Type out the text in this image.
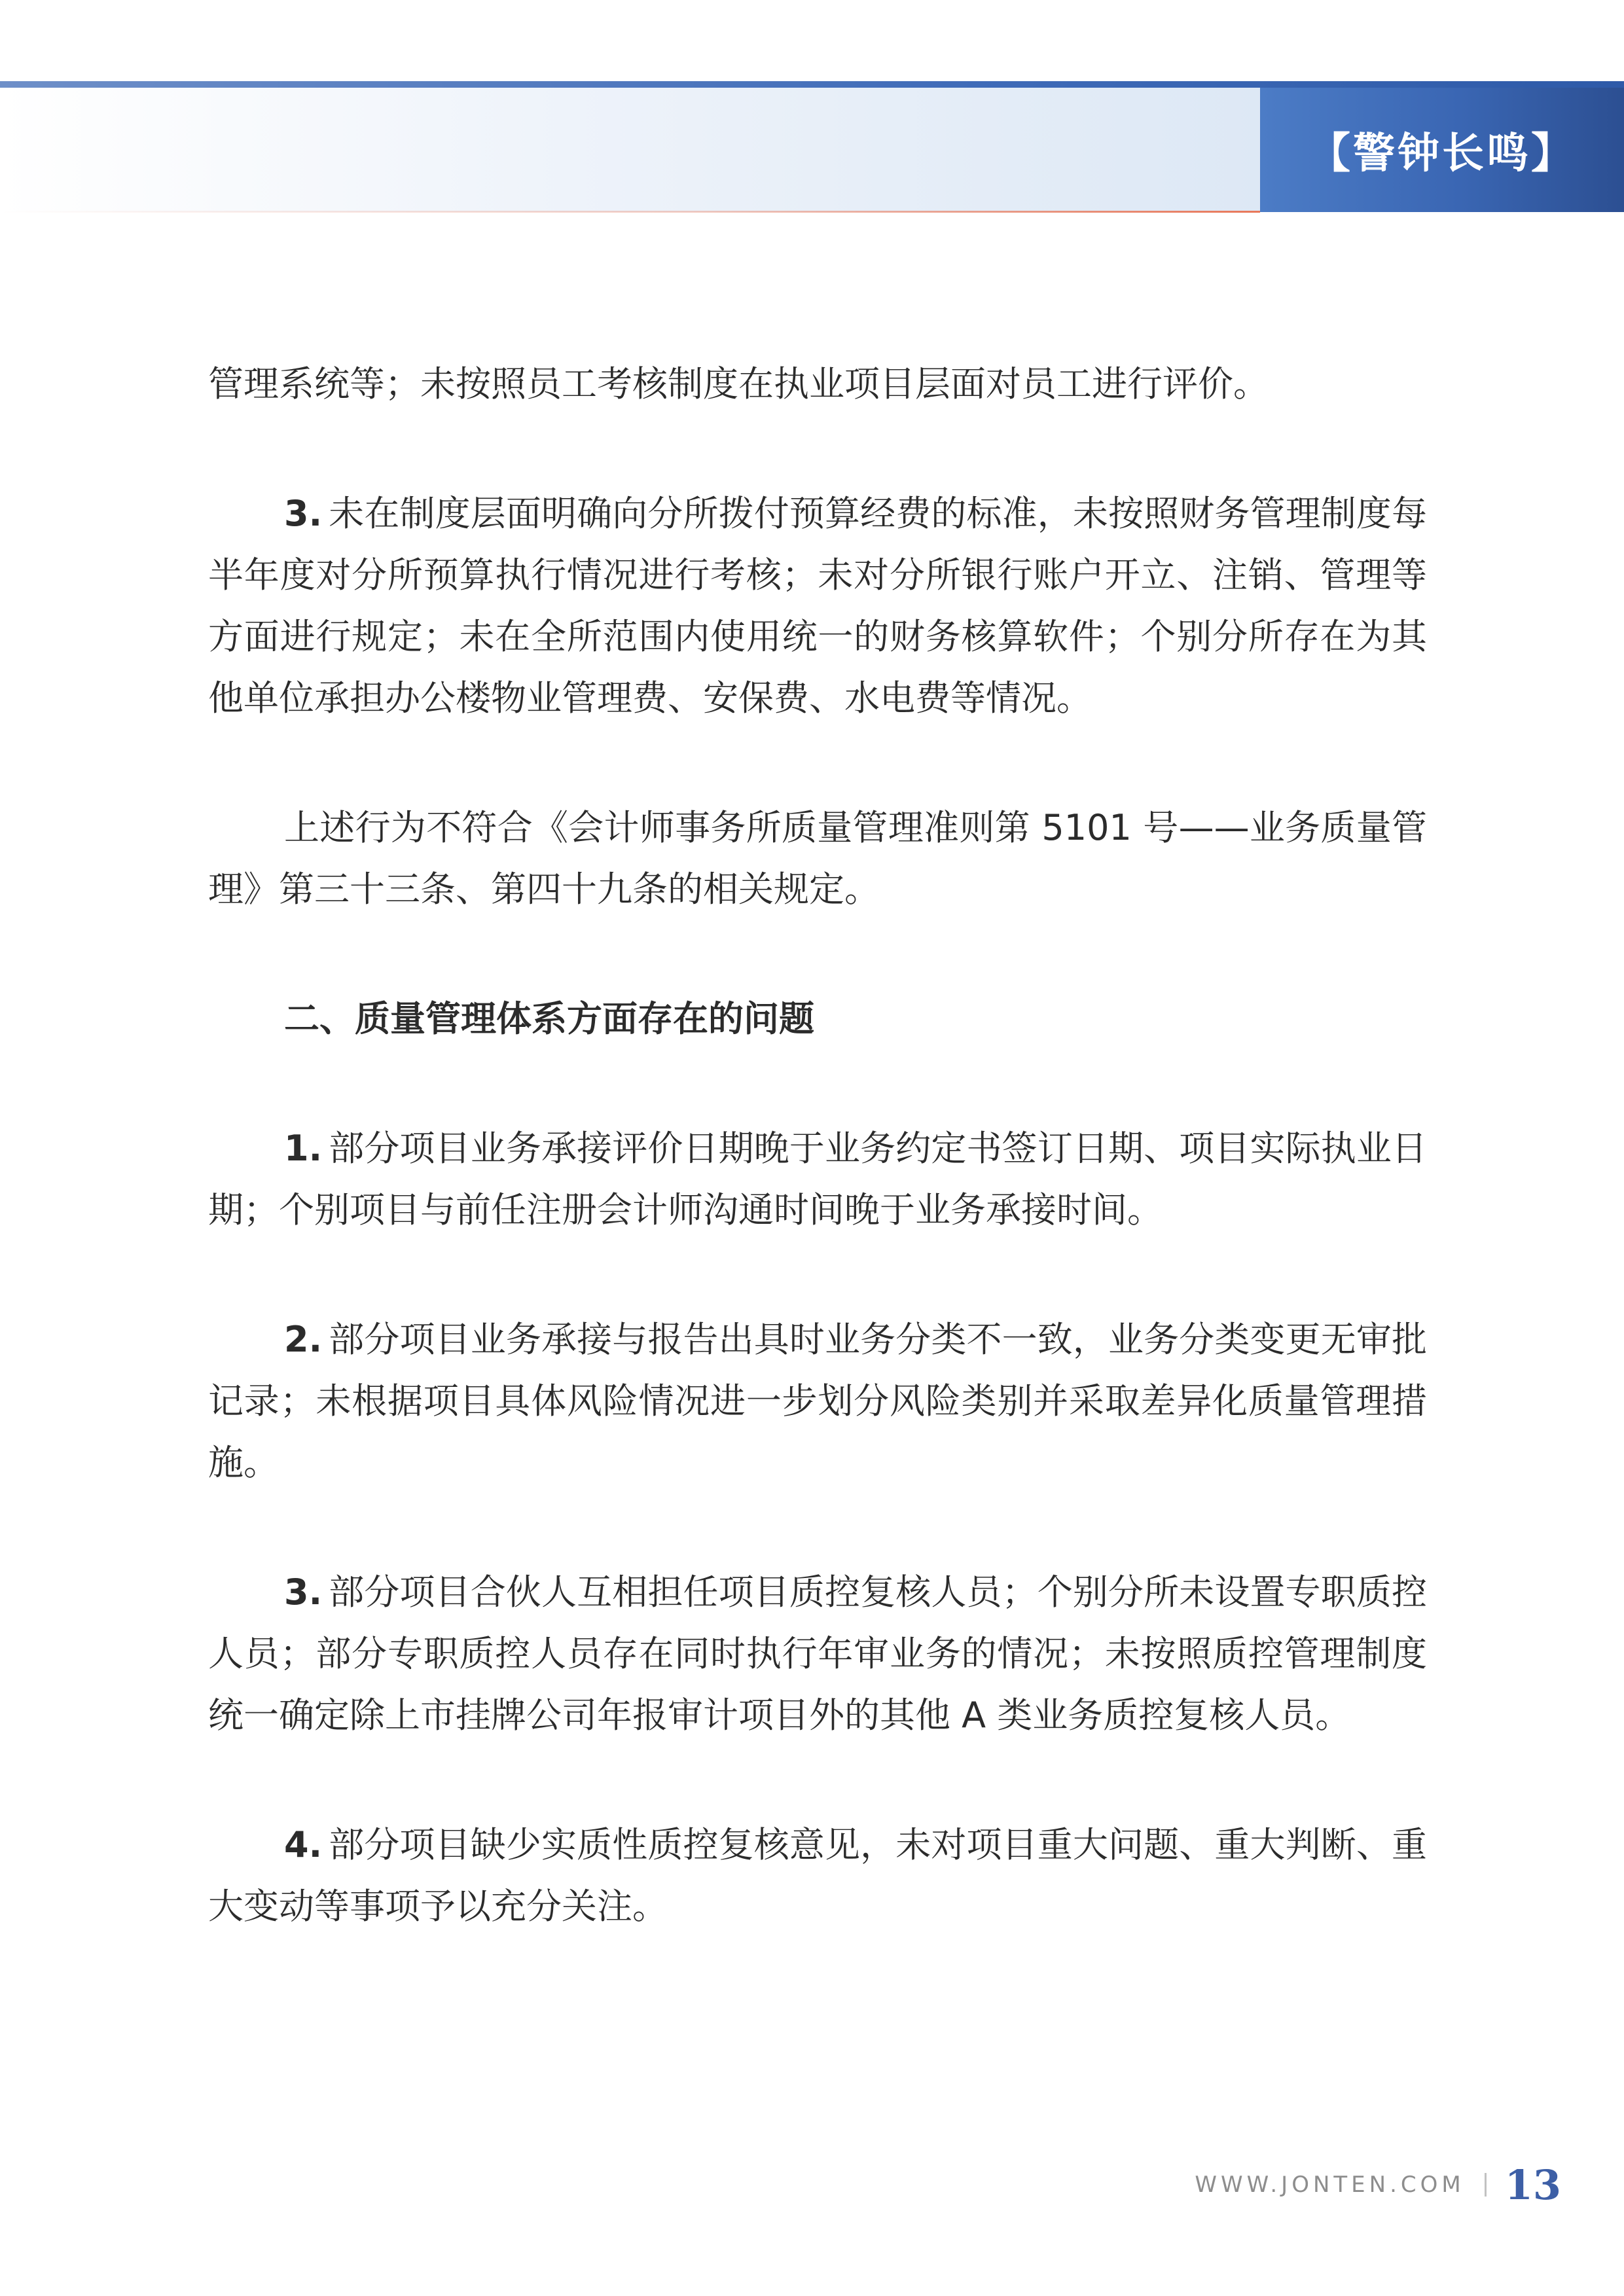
【警钟长鸣】

管理系统等；未按照员工考核制度在执业项目层面对员工进行评价。

3. 未在制度层面明确向分所拨付预算经费的标准，未按照财务管理制度每半年度对分所预算执行情况进行考核；未对分所银行账户开立、注销、管理等方面进行规定；未在全所范围内使用统一的财务核算软件；个别分所存在为其他单位承担办公楼物业管理费、安保费、水电费等情况。

上述行为不符合《会计师事务所质量管理准则第 5101 号——业务质量管理》第三十三条、第四十九条的相关规定。

二、质量管理体系方面存在的问题

1. 部分项目业务承接评价日期晚于业务约定书签订日期、项目实际执业日期；个别项目与前任注册会计师沟通时间晚于业务承接时间。

2. 部分项目业务承接与报告出具时业务分类不一致，业务分类变更无审批记录；未根据项目具体风险情况进一步划分风险类别并采取差异化质量管理措施。

3. 部分项目合伙人互相担任项目质控复核人员；个别分所未设置专职质控人员；部分专职质控人员存在同时执行年审业务的情况；未按照质控管理制度统一确定除上市挂牌公司年报审计项目外的其他 A 类业务质控复核人员。

4. 部分项目缺少实质性质控复核意见，未对项目重大问题、重大判断、重大变动等事项予以充分关注。

WWW.JONTEN.COM 13
